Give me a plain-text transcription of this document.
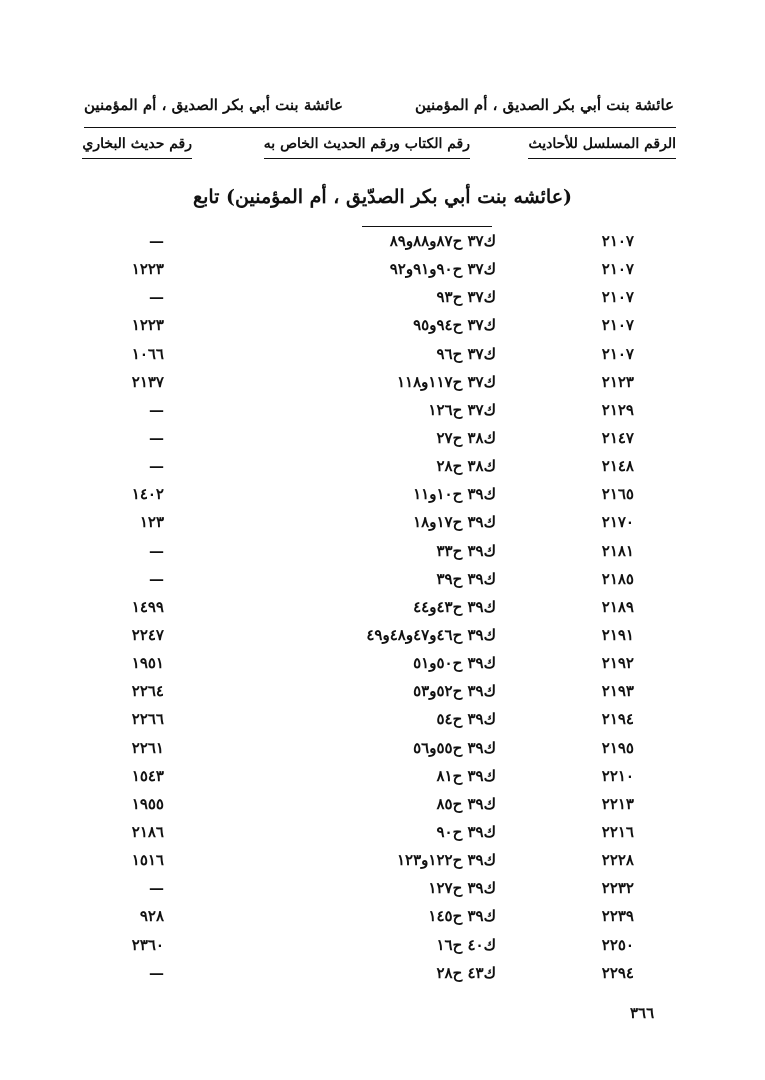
عائشة بنت أبي بكر الصديق ، أم المؤمنين
عائشة بنت أبي بكر الصديق ، أم المؤمنين
الرقم المسلسل للأحاديث
رقم الكتاب ورقم الحديث الخاص به
رقم حديث البخاري
(عائشه بنت أبي بكر الصدّيق ، أم المؤمنين) تابع
٢١٠٧
ك٣٧ ح٨٧و٨٨و٨٩
—
٢١٠٧
ك٣٧ ح٩٠و٩١و٩٢
١٢٢٣
٢١٠٧
ك٣٧ ح٩٣
—
٢١٠٧
ك٣٧ ح٩٤و٩٥
١٢٢٣
٢١٠٧
ك٣٧ ح٩٦
١٠٦٦
٢١٢٣
ك٣٧ ح١١٧و١١٨
٢١٣٧
٢١٢٩
ك٣٧ ح١٢٦
—
٢١٤٧
ك٣٨ ح٢٧
—
٢١٤٨
ك٣٨ ح٢٨
—
٢١٦٥
ك٣٩ ح١٠و١١
١٤٠٢
٢١٧٠
ك٣٩ ح١٧و١٨
١٢٣
٢١٨١
ك٣٩ ح٣٣
—
٢١٨٥
ك٣٩ ح٣٩
—
٢١٨٩
ك٣٩ ح٤٣و٤٤
١٤٩٩
٢١٩١
ك٣٩ ح٤٦و٤٧و٤٨و٤٩
٢٢٤٧
٢١٩٢
ك٣٩ ح٥٠و٥١
١٩٥١
٢١٩٣
ك٣٩ ح٥٢و٥٣
٢٢٦٤
٢١٩٤
ك٣٩ ح٥٤
٢٢٦٦
٢١٩٥
ك٣٩ ح٥٥و٥٦
٢٢٦١
٢٢١٠
ك٣٩ ح٨١
١٥٤٣
٢٢١٣
ك٣٩ ح٨٥
١٩٥٥
٢٢١٦
ك٣٩ ح٩٠
٢١٨٦
٢٢٢٨
ك٣٩ ح١٢٢و١٢٣
١٥١٦
٢٢٣٢
ك٣٩ ح١٢٧
—
٢٢٣٩
ك٣٩ ح١٤٥
٩٢٨
٢٢٥٠
ك٤٠ ح١٦
٢٣٦٠
٢٢٩٤
ك٤٣ ح٢٨
—
٣٦٦
